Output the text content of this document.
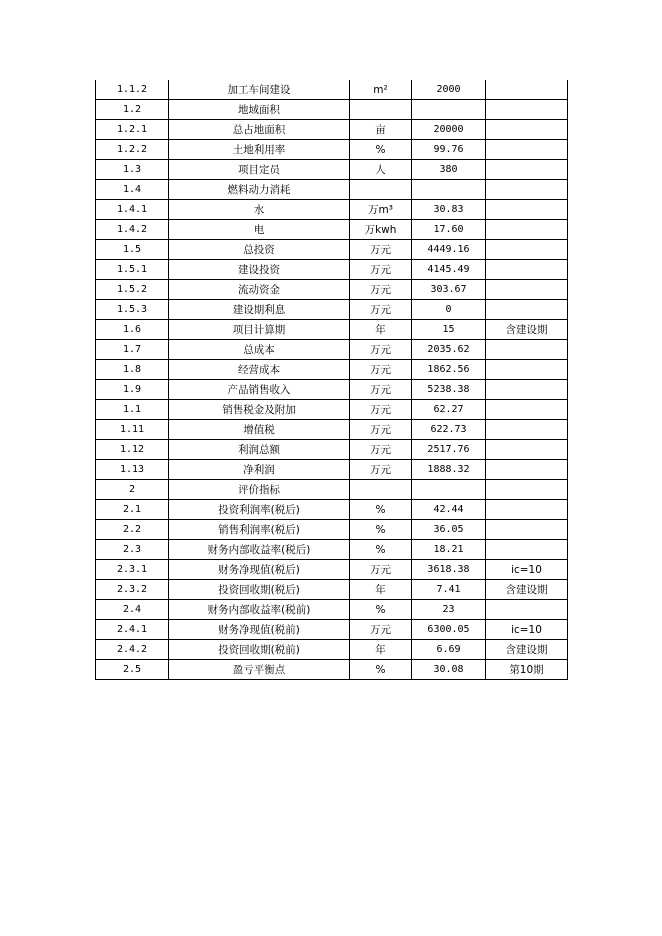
1.1.2	加工车间建设	m²	2000	
1.2	地域面积			
1.2.1	总占地面积	亩	20000	
1.2.2	土地利用率	%	99.76	
1.3	项目定员	人	380	
1.4	燃料动力消耗			
1.4.1	水	万m³	30.83	
1.4.2	电	万kwh	17.60	
1.5	总投资	万元	4449.16	
1.5.1	建设投资	万元	4145.49	
1.5.2	流动资金	万元	303.67	
1.5.3	建设期利息	万元	0	
1.6	项目计算期	年	15	含建设期
1.7	总成本	万元	2035.62	
1.8	经营成本	万元	1862.56	
1.9	产品销售收入	万元	5238.38	
1.1	销售税金及附加	万元	62.27	
1.11	增值税	万元	622.73	
1.12	利润总额	万元	2517.76	
1.13	净利润	万元	1888.32	
2	评价指标			
2.1	投资利润率(税后)	%	42.44	
2.2	销售利润率(税后)	%	36.05	
2.3	财务内部收益率(税后)	%	18.21	
2.3.1	财务净现值(税后)	万元	3618.38	ic=10
2.3.2	投资回收期(税后)	年	7.41	含建设期
2.4	财务内部收益率(税前)	%	23	
2.4.1	财务净现值(税前)	万元	6300.05	ic=10
2.4.2	投资回收期(税前)	年	6.69	含建设期
2.5	盈亏平衡点	%	30.08	第10期
